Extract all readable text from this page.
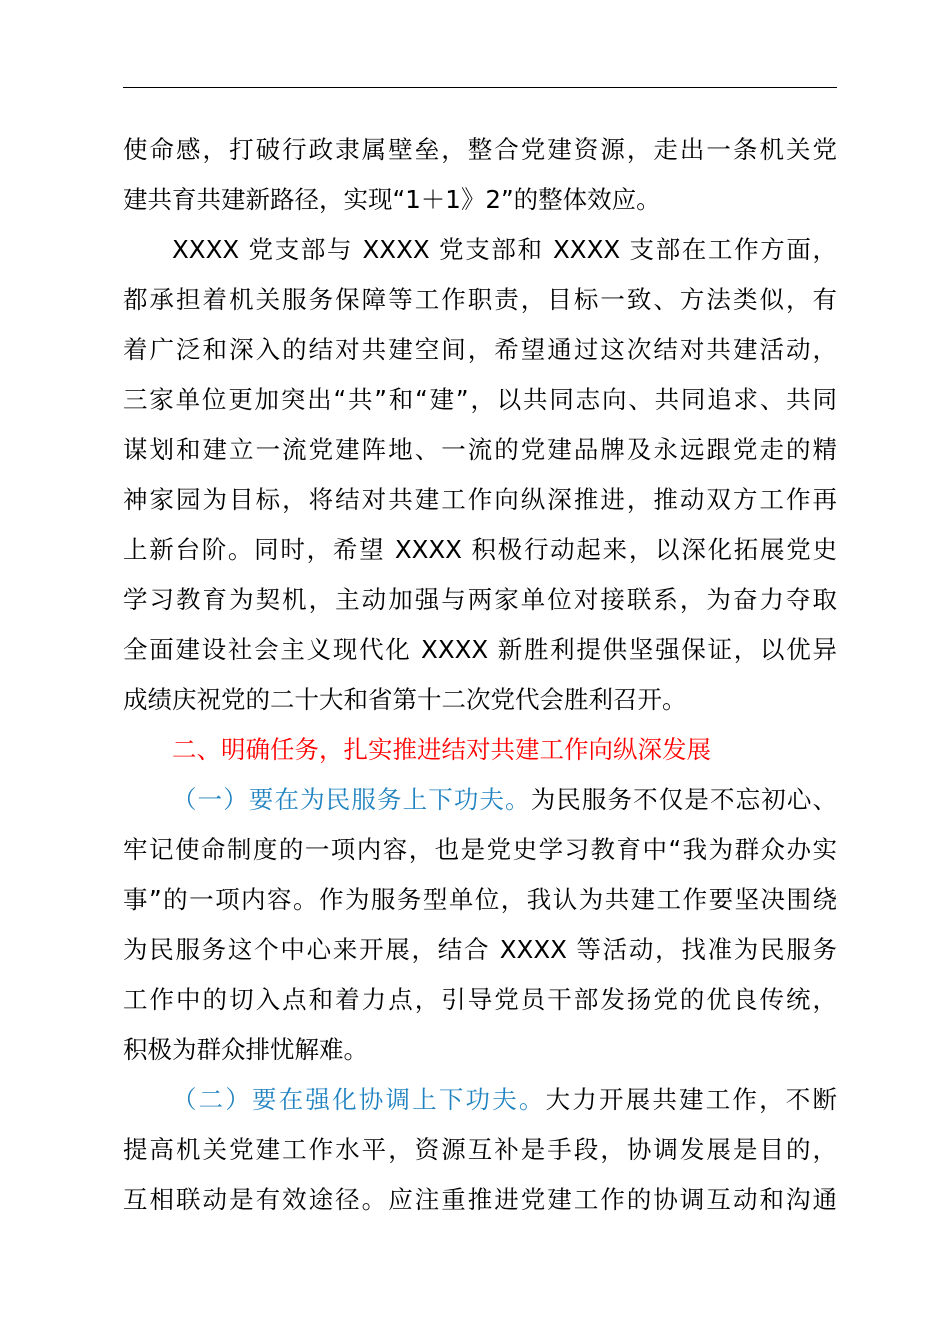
使命感，打破行政隶属壁垒，整合党建资源，走出一条机关党
建共育共建新路径，实现“1＋1》2”的整体效应。
XXXX 党支部与 XXXX 党支部和 XXXX 支部在工作方面，
都承担着机关服务保障等工作职责，目标一致、方法类似，有
着广泛和深入的结对共建空间，希望通过这次结对共建活动，
三家单位更加突出“共”和“建”，以共同志向、共同追求、共同
谋划和建立一流党建阵地、一流的党建品牌及永远跟党走的精
神家园为目标，将结对共建工作向纵深推进，推动双方工作再
上新台阶。同时，希望 XXXX 积极行动起来，以深化拓展党史
学习教育为契机，主动加强与两家单位对接联系，为奋力夺取
全面建设社会主义现代化 XXXX 新胜利提供坚强保证，以优异
成绩庆祝党的二十大和省第十二次党代会胜利召开。
二、明确任务，扎实推进结对共建工作向纵深发展
（一）要在为民服务上下功夫。为民服务不仅是不忘初心、
牢记使命制度的一项内容，也是党史学习教育中“我为群众办实
事”的一项内容。作为服务型单位，我认为共建工作要坚决围绕
为民服务这个中心来开展，结合 XXXX 等活动，找准为民服务
工作中的切入点和着力点，引导党员干部发扬党的优良传统，
积极为群众排忧解难。
（二）要在强化协调上下功夫。大力开展共建工作，不断
提高机关党建工作水平，资源互补是手段，协调发展是目的，
互相联动是有效途径。应注重推进党建工作的协调互动和沟通
